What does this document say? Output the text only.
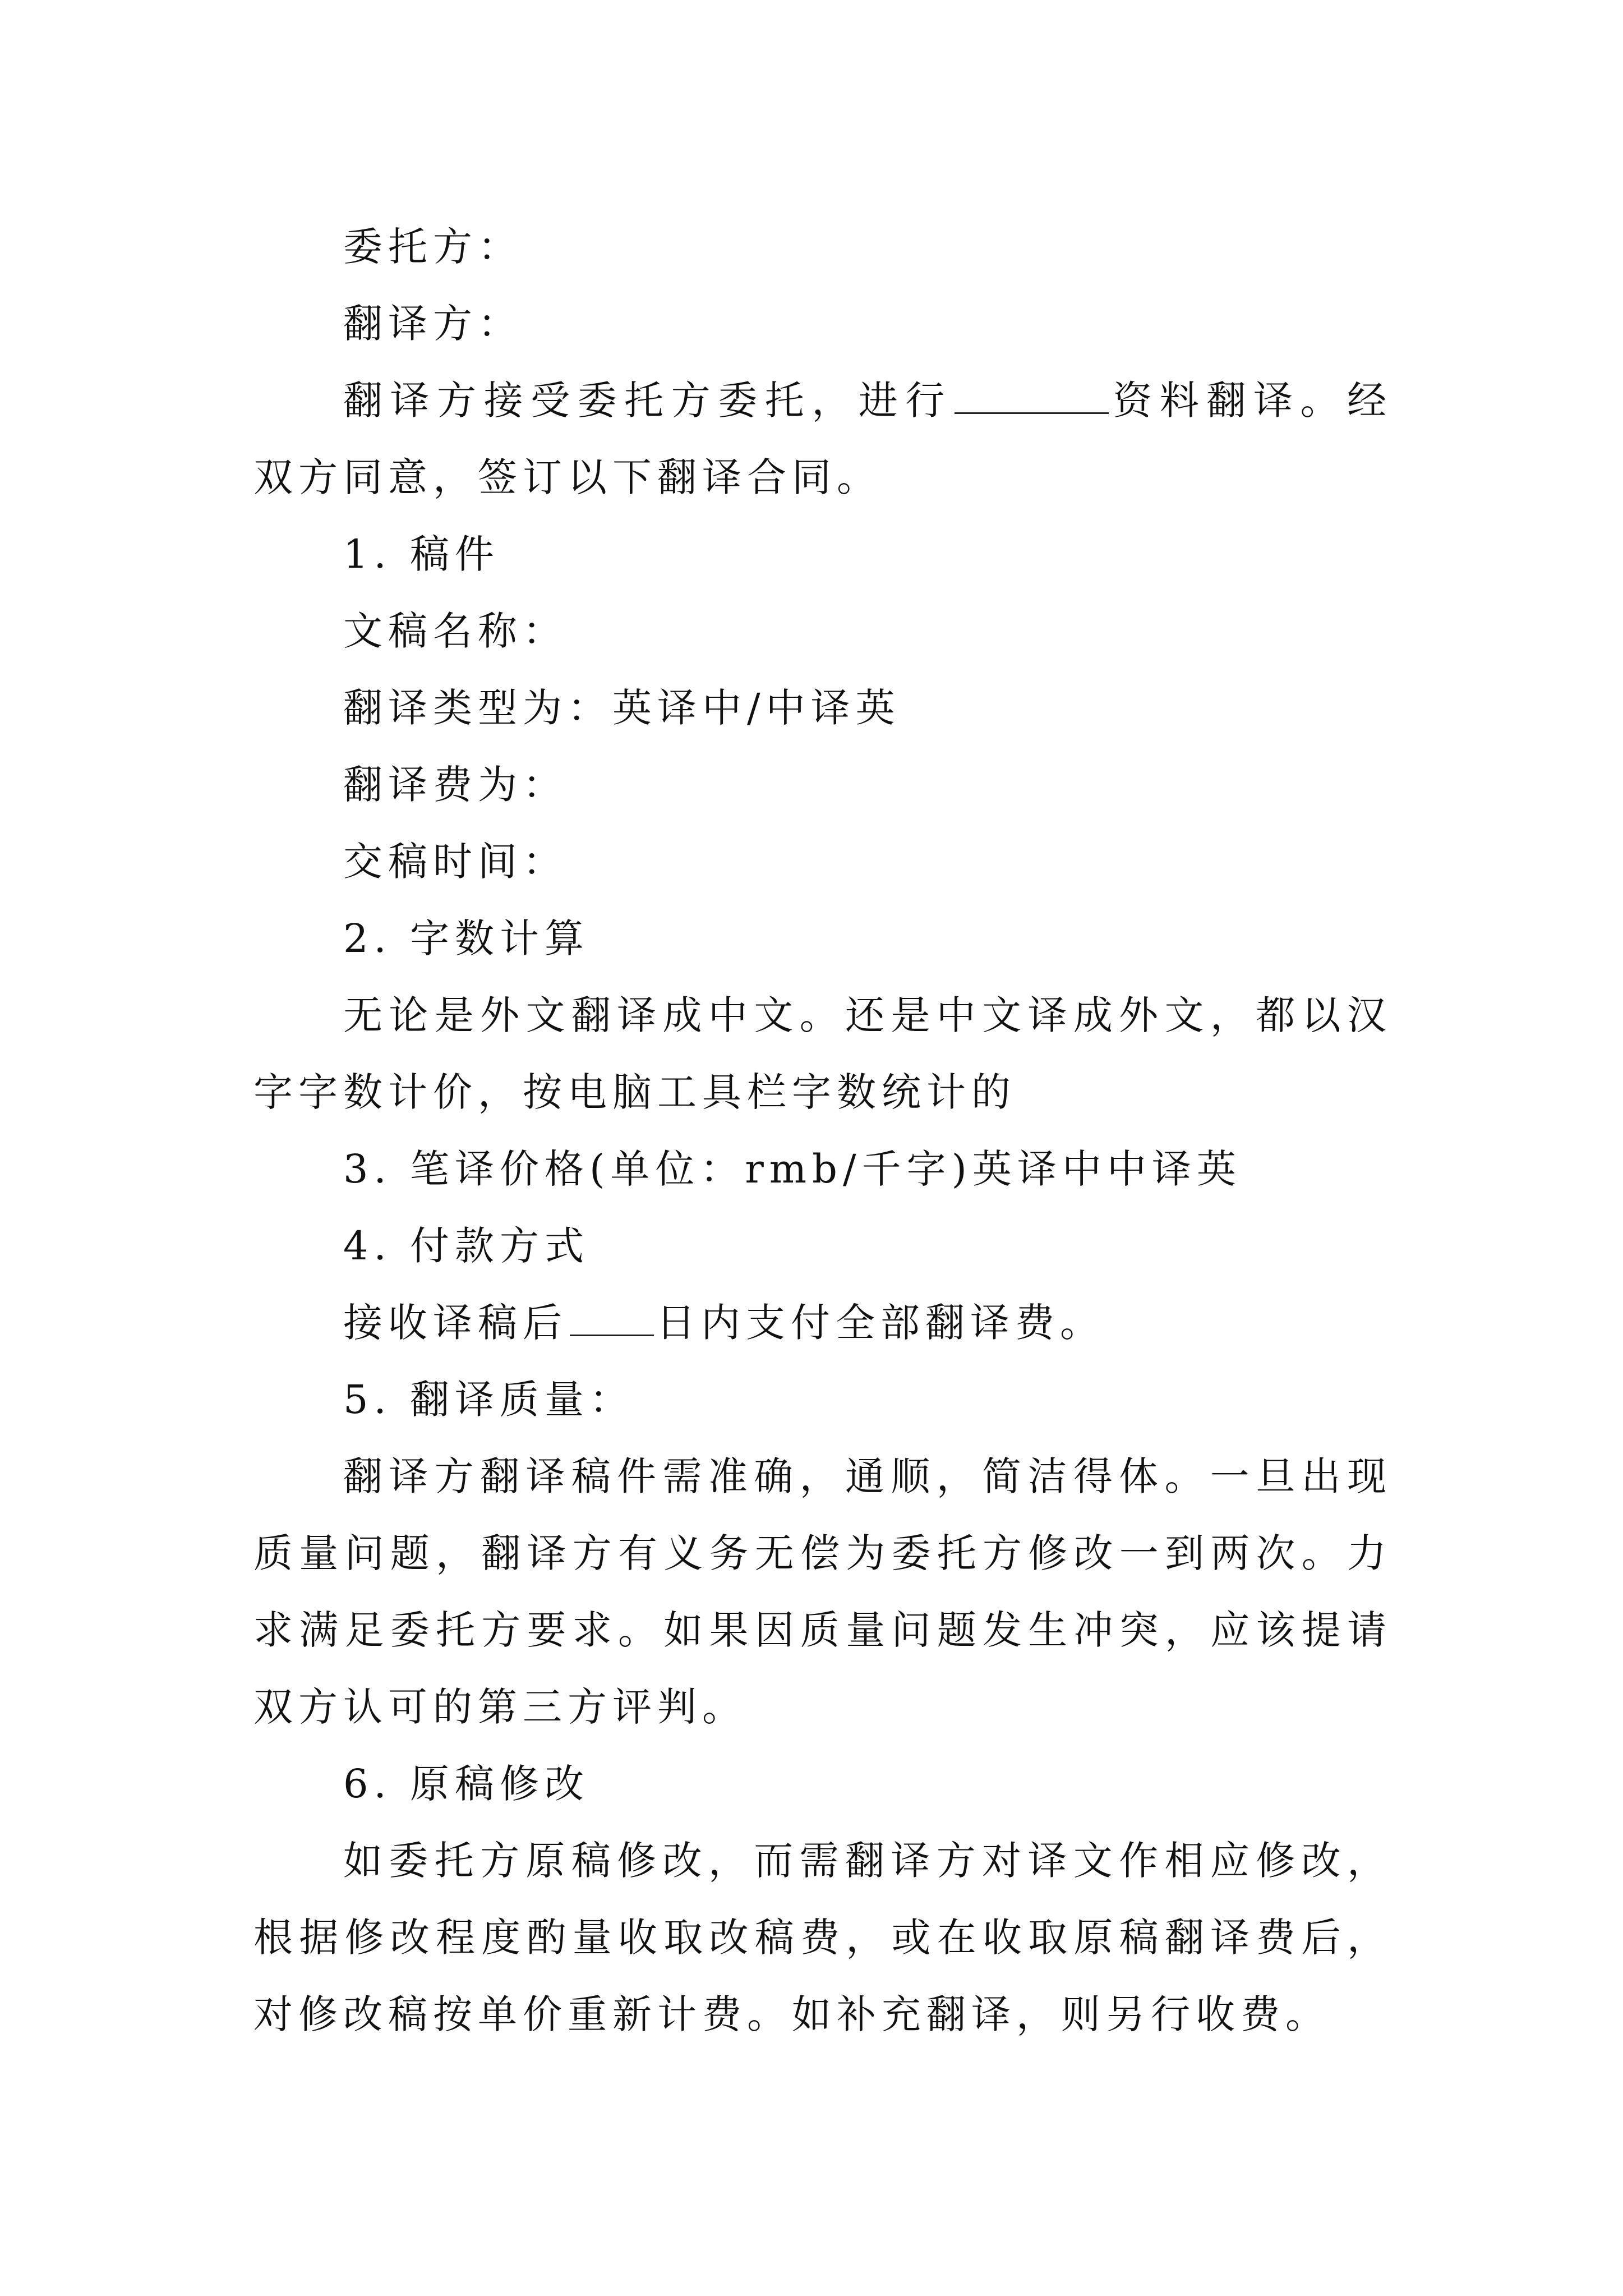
委托方：

翻译方：

翻译方接受委托方委托，进行	资料翻译。经双方同意，签订以下翻译合同。

1. 稿件

文稿名称：

翻译类型为：英译中/中译英

翻译费为：

交稿时间：

2. 字数计算

无论是外文翻译成中文。还是中文译成外文，都以汉字字数计价，按电脑工具栏字数统计的

3. 笔译价格(单位：rmb/千字)英译中中译英

4. 付款方式

接收译稿后 日内支付全部翻译费。

5. 翻译质量：

翻译方翻译稿件需准确，通顺，简洁得体。一旦出现质量问题，翻译方有义务无偿为委托方修改一到两次。力求满足委托方要求。如果因质量问题发生冲突，应该提请双方认可的第三方评判。

6. 原稿修改

如委托方原稿修改，而需翻译方对译文作相应修改，根据修改程度酌量收取改稿费，或在收取原稿翻译费后，对修改稿按单价重新计费。如补充翻译，则另行收费。
